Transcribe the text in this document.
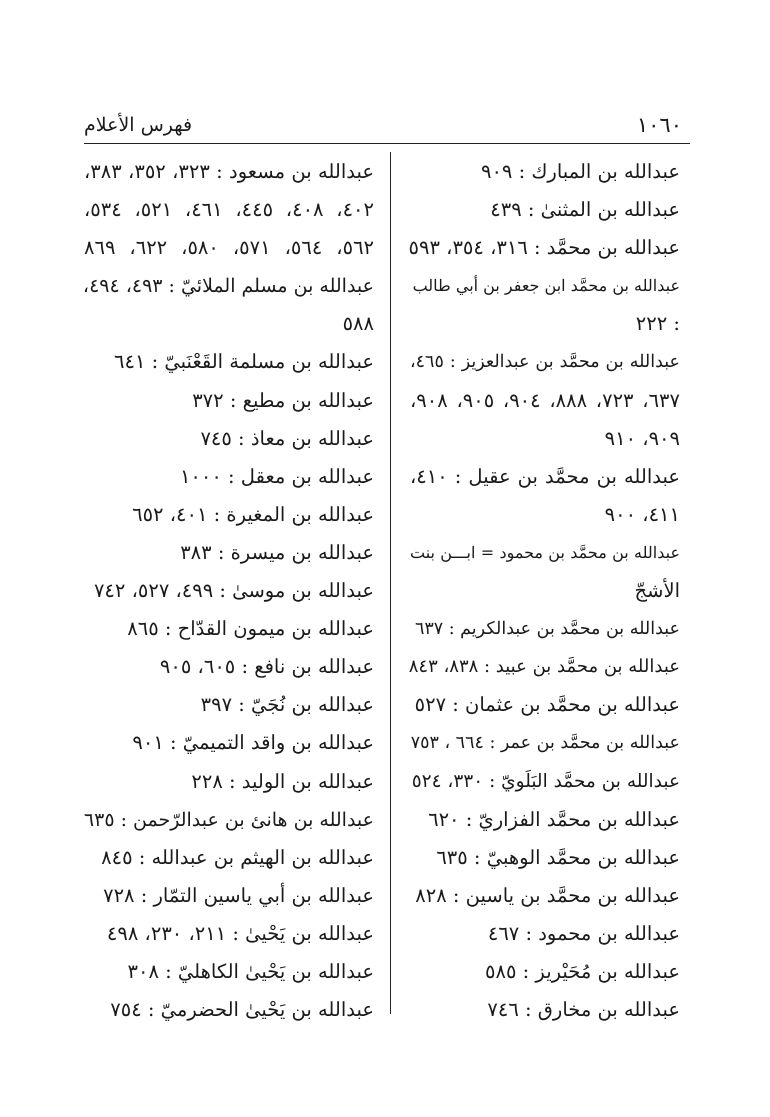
١٠٦٠
فهرس الأعلام
عبدالله بن المبارك : ٩٠٩
عبدالله بن المثنىٰ : ٤٣٩
عبدالله بن محمَّد : ٣١٦، ٣٥٤، ٥٩٣
عبدالله بن محمَّد ابن جعفر بن أبي طالب
: ٢٢٢
عبدالله بن محمَّد بن عبدالعزيز : ٤٦٥،
٦٣٧، ٧٢٣، ٨٨٨، ٩٠٤، ٩٠٥، ٩٠٨،
٩٠٩، ٩١٠
عبدالله بن محمَّد بن عقيل : ٤١٠،
٤١١، ٩٠٠
عبدالله بن محمَّد بن محمود = ابـــن بنت
الأشجّ
عبدالله بن محمَّد بن عبدالكريم : ٦٣٧
عبدالله بن محمَّد بن عبيد : ٨٣٨، ٨٤٣
عبدالله بن محمَّد بن عثمان : ٥٢٧
عبدالله بن محمَّد بن عمر : ٦٦٤ ، ٧٥٣
عبدالله بن محمَّد البَلَويّ : ٣٣٠، ٥٢٤
عبدالله بن محمَّد الفزاريّ : ٦٢٠
عبدالله بن محمَّد الوهبيّ : ٦٣٥
عبدالله بن محمَّد بن ياسين : ٨٢٨
عبدالله بن محمود : ٤٦٧
عبدالله بن مُحَيْريز : ٥٨٥
عبدالله بن مخارق : ٧٤٦
عبدالله بن مسعود : ٣٢٣، ٣٥٢، ٣٨٣،
٤٠٢، ٤٠٨، ٤٤٥، ٤٦١، ٥٢١، ٥٣٤،
٥٦٢، ٥٦٤، ٥٧١، ٥٨٠، ٦٢٢، ٨٦٩
عبدالله بن مسلم الملائيّ : ٤٩٣، ٤٩٤،
٥٨٨
عبدالله بن مسلمة القَعْنَبيّ : ٦٤١
عبدالله بن مطيع : ٣٧٢
عبدالله بن معاذ : ٧٤٥
عبدالله بن معقل : ١٠٠٠
عبدالله بن المغيرة : ٤٠١، ٦٥٢
عبدالله بن ميسرة : ٣٨٣
عبدالله بن موسىٰ : ٤٩٩، ٥٢٧، ٧٤٢
عبدالله بن ميمون القدّاح : ٨٦٥
عبدالله بن نافع : ٦٠٥، ٩٠٥
عبدالله بن نُجَيّ : ٣٩٧
عبدالله بن واقد التميميّ : ٩٠١
عبدالله بن الوليد : ٢٢٨
عبدالله بن هانئ بن عبدالرّحمن : ٦٣٥
عبدالله بن الهيثم بن عبدالله : ٨٤٥
عبدالله بن أبي ياسين التمّار : ٧٢٨
عبدالله بن يَحْيىٰ : ٢١١، ٢٣٠، ٤٩٨
عبدالله بن يَحْيىٰ الكاهليّ : ٣٠٨
عبدالله بن يَحْيىٰ الحضرميّ : ٧٥٤
